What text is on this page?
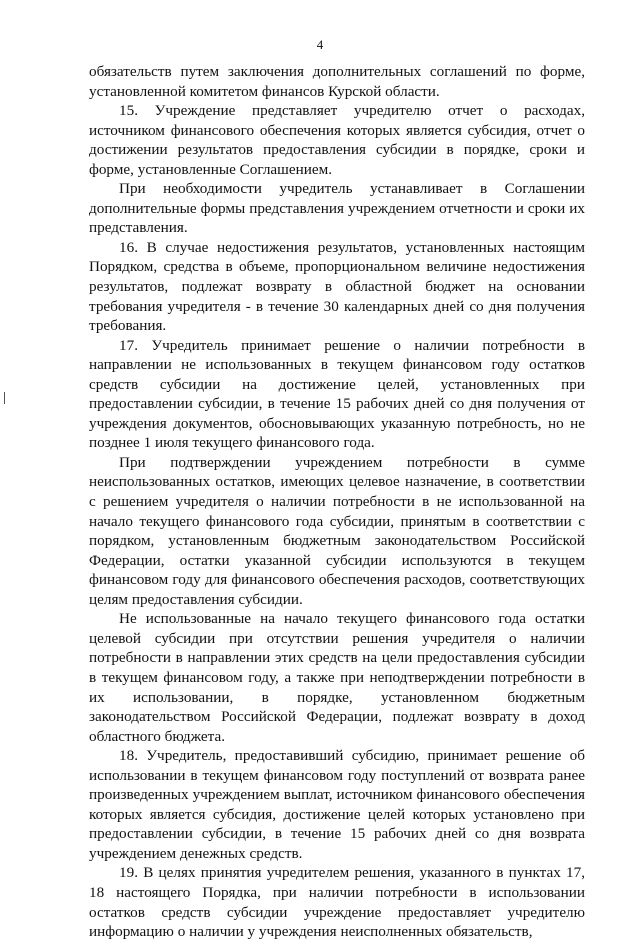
4

обязательств путем заключения дополнительных соглашений по форме, установленной комитетом финансов Курской области.

15. Учреждение представляет учредителю отчет о расходах, источником финансового обеспечения которых является субсидия, отчет о достижении результатов предоставления субсидии в порядке, сроки и форме, установленные Соглашением.

При необходимости учредитель устанавливает в Соглашении дополнительные формы представления учреждением отчетности и сроки их представления.

16. В случае недостижения результатов, установленных настоящим Порядком, средства в объеме, пропорциональном величине недостижения результатов, подлежат возврату в областной бюджет на основании требования учредителя - в течение 30 календарных дней со дня получения требования.

17. Учредитель принимает решение о наличии потребности в направлении не использованных в текущем финансовом году остатков средств субсидии на достижение целей, установленных при предоставлении субсидии, в течение 15 рабочих дней со дня получения от учреждения документов, обосновывающих указанную потребность, но не позднее 1 июля текущего финансового года.

При подтверждении учреждением потребности в сумме неиспользованных остатков, имеющих целевое назначение, в соответствии с решением учредителя о наличии потребности в не использованной на начало текущего финансового года субсидии, принятым в соответствии с порядком, установленным бюджетным законодательством Российской Федерации, остатки указанной субсидии используются в текущем финансовом году для финансового обеспечения расходов, соответствующих целям предоставления субсидии.

Не использованные на начало текущего финансового года остатки целевой субсидии при отсутствии решения учредителя о наличии потребности в направлении этих средств на цели предоставления субсидии в текущем финансовом году, а также при неподтверждении потребности в их использовании, в порядке, установленном бюджетным законодательством Российской Федерации, подлежат возврату в доход областного бюджета.

18. Учредитель, предоставивший субсидию, принимает решение об использовании в текущем финансовом году поступлений от возврата ранее произведенных учреждением выплат, источником финансового обеспечения которых является субсидия, достижение целей которых установлено при предоставлении субсидии, в течение 15 рабочих дней со дня возврата учреждением денежных средств.

19. В целях принятия учредителем решения, указанного в пунктах 17, 18 настоящего Порядка, при наличии потребности в использовании остатков средств субсидии учреждение предоставляет учредителю информацию о наличии у учреждения неисполненных обязательств,
